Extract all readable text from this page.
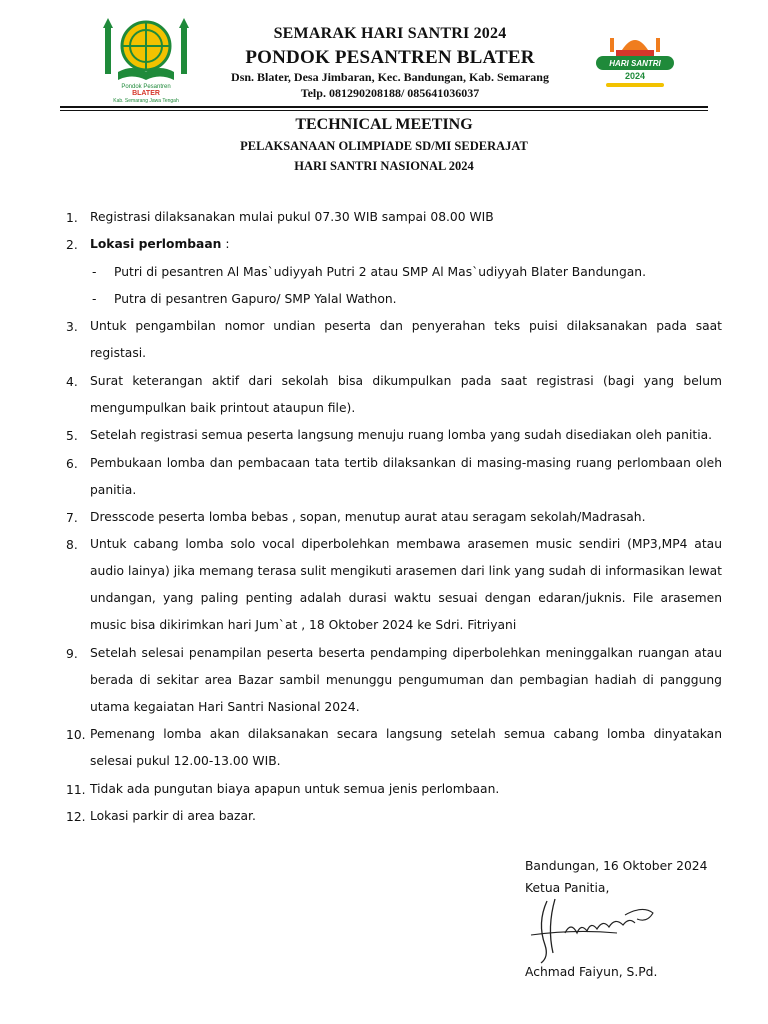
Pondok Pesantren
BLATER
Kab. Semarang Jawa Tengah
SEMARAK HARI SANTRI 2024
PONDOK PESANTREN BLATER
Dsn. Blater, Desa Jimbaran, Kec. Bandungan, Kab. Semarang
Telp. 081290208188/ 085641036037
HARI SANTRI
2024
TECHNICAL MEETING
PELAKSANAAN OLIMPIADE SD/MI SEDERAJAT
HARI SANTRI NASIONAL 2024
1. Registrasi dilaksanakan mulai pukul 07.30 WIB sampai 08.00 WIB
2. Lokasi perlombaan :
- Putri di pesantren Al Mas`udiyyah Putri 2 atau SMP Al Mas`udiyyah Blater Bandungan.
- Putra di pesantren Gapuro/ SMP Yalal Wathon.
3. Untuk pengambilan nomor undian peserta dan penyerahan teks puisi dilaksanakan pada saat registasi.
4. Surat keterangan aktif dari sekolah bisa dikumpulkan pada saat registrasi (bagi yang belum mengumpulkan baik printout ataupun file).
5. Setelah registrasi semua peserta langsung menuju ruang lomba yang sudah disediakan oleh panitia.
6. Pembukaan lomba dan pembacaan tata tertib dilaksankan di masing-masing ruang perlombaan oleh panitia.
7. Dresscode peserta lomba bebas , sopan, menutup aurat atau seragam sekolah/Madrasah.
8. Untuk cabang lomba solo vocal diperbolehkan membawa arasemen music sendiri (MP3,MP4 atau audio lainya) jika memang terasa sulit mengikuti arasemen dari link yang sudah di informasikan lewat undangan, yang paling penting adalah durasi waktu sesuai dengan edaran/juknis. File arasemen music bisa dikirimkan hari Jum`at , 18 Oktober 2024 ke Sdri. Fitriyani
9. Setelah selesai penampilan peserta beserta pendamping diperbolehkan meninggalkan ruangan atau berada di sekitar area Bazar sambil menunggu pengumuman dan pembagian hadiah di panggung utama kegaiatan Hari Santri Nasional 2024.
10. Pemenang lomba akan dilaksanakan secara langsung setelah semua cabang lomba dinyatakan selesai pukul 12.00-13.00 WIB.
11. Tidak ada pungutan biaya apapun untuk semua jenis perlombaan.
12. Lokasi parkir di area bazar.
Bandungan, 16 Oktober 2024
Ketua Panitia,
Achmad Faiyun, S.Pd.
